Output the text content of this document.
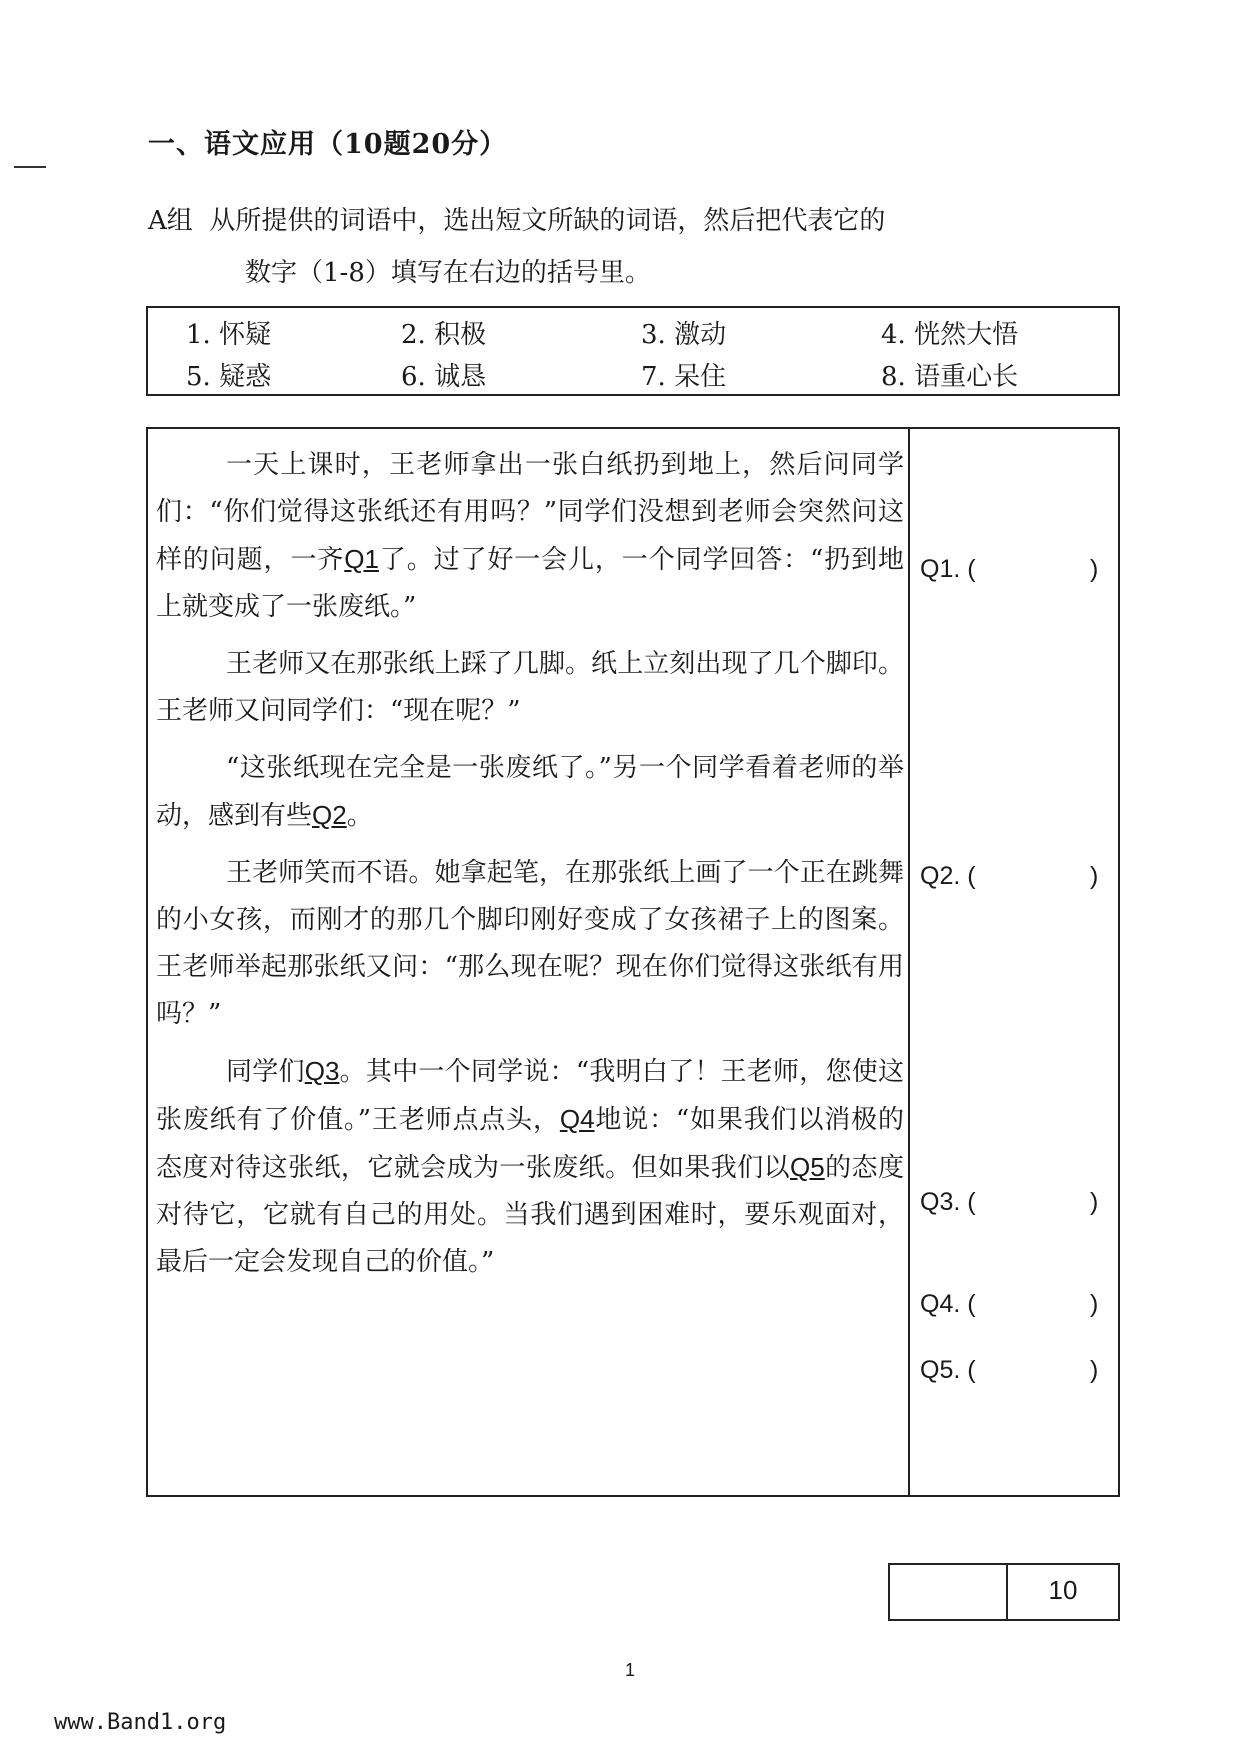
一、语文应用（10题20分）
A组 从所提供的词语中，选出短文所缺的词语，然后把代表它的
数字（1-8）填写在右边的括号里。
1. 怀疑	2. 积极	3. 激动	4. 恍然大悟
5. 疑惑	6. 诚恳	7. 呆住	8. 语重心长

一天上课时，王老师拿出一张白纸扔到地上，然后问同学们：“你们觉得这张纸还有用吗？”同学们没想到老师会突然问这样的问题，一齐Q1了。过了好一会儿，一个同学回答：“扔到地上就变成了一张废纸。”

王老师又在那张纸上踩了几脚。纸上立刻出现了几个脚印。王老师又问同学们：“现在呢？”

“这张纸现在完全是一张废纸了。”另一个同学看着老师的举动，感到有些Q2。

王老师笑而不语。她拿起笔，在那张纸上画了一个正在跳舞的小女孩，而刚才的那几个脚印刚好变成了女孩裙子上的图案。王老师举起那张纸又问：“那么现在呢？现在你们觉得这张纸有用吗？”

同学们Q3。其中一个同学说：“我明白了！王老师，您使这张废纸有了价值。”王老师点点头，Q4地说：“如果我们以消极的态度对待这张纸，它就会成为一张废纸。但如果我们以Q5的态度对待它，它就有自己的用处。当我们遇到困难时，要乐观面对，最后一定会发现自己的价值。”

Q1. (	)
Q2. (	)
Q3. (	)
Q4. (	)
Q5. (	)
10
1
www.Band1.org
